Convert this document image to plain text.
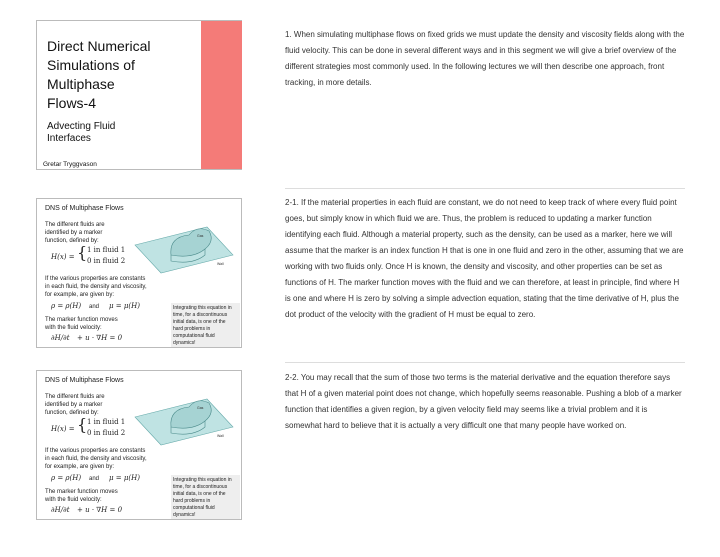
Direct Numerical
Simulations of
Multiphase
Flows-4
Advecting Fluid
Interfaces
Gretar Tryggvason
DNS of Multiphase Flows
The different fluids are
identified by a marker
function, defined by:
H(x) = { 1 in fluid 1
0 in fluid 2
Gas
Wall
If the various properties are constants
in each fluid, the density and viscosity,
for example, are given by:
ρ = ρ(H) and μ = μ(H)
The marker function moves
with the fluid velocity:
∂H/∂t + u · ∇H = 0
Integrating this equation in
time, for a discontinuous
initial data, is one of the
hard problems in
computational fluid
dynamics!
DNS of Multiphase Flows
The different fluids are
identified by a marker
function, defined by:
H(x) = { 1 in fluid 1
0 in fluid 2
Gas
Wall
If the various properties are constants
in each fluid, the density and viscosity,
for example, are given by:
ρ = ρ(H) and μ = μ(H)
The marker function moves
with the fluid velocity:
∂H/∂t + u · ∇H = 0
Integrating this equation in
time, for a discontinuous
initial data, is one of the
hard problems in
computational fluid
dynamics!
1. When simulating multiphase flows on fixed grids we must update the density and viscosity fields along with the fluid velocity. This can be done in several different ways and in this segment we will give a brief overview of the different strategies most commonly used. In the following lectures we will then describe one approach, front tracking, in more details.
2-1. If the material properties in each fluid are constant, we do not need to keep track of where every fluid point goes, but simply know in which fluid we are. Thus, the problem is reduced to updating a marker function identifying each fluid. Although a material property, such as the density, can be used as a marker, here we will assume that the marker is an index function H that is one in one fluid and zero in the other, assuming that we are working with two fluids only. Once H is known, the density and viscosity, and other properties can be set as functions of H. The marker function moves with the fluid and we can therefore, at least in principle, find where H is one and where H is zero by solving a simple advection equation, stating that the time derivative of H, plus the dot product of the velocity with the gradient of H must be equal to zero.
2-2. You may recall that the sum of those two terms is the material derivative and the equation therefore says that H of a given material point does not change, which hopefully seems reasonable. Pushing a blob of a marker function that identifies a given region, by a given velocity field may seems like a trivial problem and it is somewhat hard to believe that it is actually a very difficult one that many people have worked on.
